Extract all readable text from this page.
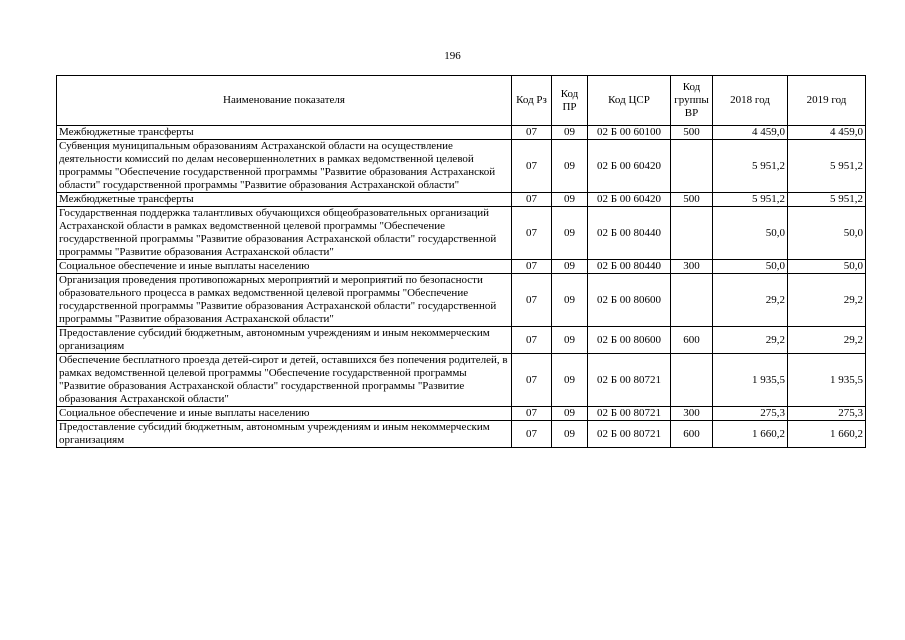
196
Наименование показателя	Код Рз	Код ПР	Код ЦСР	Код группы ВР	2018 год	2019 год
Межбюджетные трансферты	07	09	02 Б 00 60100	500	4 459,0	4 459,0
Субвенция муниципальным образованиям Астраханской области на осуществление деятельности комиссий по делам несовершеннолетних в рамках ведомственной целевой программы "Обеспечение государственной программы "Развитие образования Астраханской области" государственной программы "Развитие образования Астраханской области"	07	09	02 Б 00 60420		5 951,2	5 951,2
Межбюджетные трансферты	07	09	02 Б 00 60420	500	5 951,2	5 951,2
Государственная поддержка талантливых обучающихся общеобразовательных организаций Астраханской области в рамках ведомственной целевой программы "Обеспечение государственной программы "Развитие образования Астраханской области" государственной программы "Развитие образования Астраханской области"	07	09	02 Б 00 80440		50,0	50,0
Социальное обеспечение и иные выплаты населению	07	09	02 Б 00 80440	300	50,0	50,0
Организация проведения противопожарных мероприятий и мероприятий по безопасности образовательного процесса в рамках ведомственной целевой программы "Обеспечение государственной программы "Развитие образования Астраханской области" государственной программы "Развитие образования Астраханской области"	07	09	02 Б 00 80600		29,2	29,2
Предоставление субсидий бюджетным, автономным учреждениям и иным некоммерческим организациям	07	09	02 Б 00 80600	600	29,2	29,2
Обеспечение бесплатного проезда детей-сирот и детей, оставшихся без попечения родителей, в рамках ведомственной целевой программы "Обеспечение государственной программы "Развитие образования Астраханской области" государственной программы "Развитие образования Астраханской области"	07	09	02 Б 00 80721		1 935,5	1 935,5
Социальное обеспечение и иные выплаты населению	07	09	02 Б 00 80721	300	275,3	275,3
Предоставление субсидий бюджетным, автономным учреждениям и иным некоммерческим организациям	07	09	02 Б 00 80721	600	1 660,2	1 660,2
